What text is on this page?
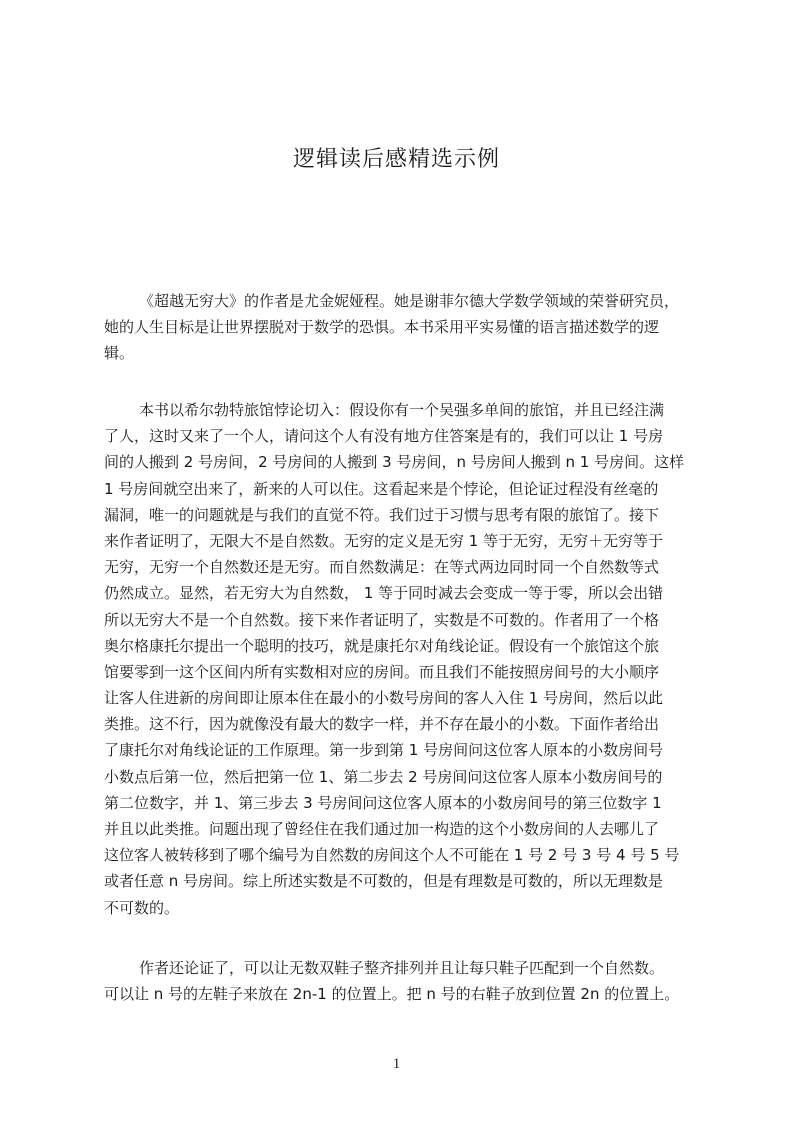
逻辑读后感精选示例
《超越无穷大》的作者是尤金妮娅程。她是谢菲尔德大学数学领域的荣誉研究员，
她的人生目标是让世界摆脱对于数学的恐惧。本书采用平实易懂的语言描述数学的逻
辑。
本书以希尔勃特旅馆悖论切入：假设你有一个吴强多单间的旅馆，并且已经注满
了人，这时又来了一个人，请问这个人有没有地方住答案是有的，我们可以让 1 号房
间的人搬到 2 号房间，2 号房间的人搬到 3 号房间，n 号房间人搬到 n 1 号房间。这样
1 号房间就空出来了，新来的人可以住。这看起来是个悖论，但论证过程没有丝毫的
漏洞，唯一的问题就是与我们的直觉不符。我们过于习惯与思考有限的旅馆了。接下
来作者证明了，无限大不是自然数。无穷的定义是无穷 1 等于无穷，无穷＋无穷等于
无穷，无穷一个自然数还是无穷。而自然数满足：在等式两边同时同一个自然数等式
仍然成立。显然，若无穷大为自然数， 1 等于同时减去会变成一等于零，所以会出错
所以无穷大不是一个自然数。接下来作者证明了，实数是不可数的。作者用了一个格
奥尔格康托尔提出一个聪明的技巧，就是康托尔对角线论证。假设有一个旅馆这个旅
馆要零到一这个区间内所有实数相对应的房间。而且我们不能按照房间号的大小顺序
让客人住进新的房间即让原本住在最小的小数号房间的客人入住 1 号房间，然后以此
类推。这不行，因为就像没有最大的数字一样，并不存在最小的小数。下面作者给出
了康托尔对角线论证的工作原理。第一步到第 1 号房间问这位客人原本的小数房间号
小数点后第一位，然后把第一位 1、第二步去 2 号房间问这位客人原本小数房间号的
第二位数字，并 1、第三步去 3 号房间问这位客人原本的小数房间号的第三位数字 1
并且以此类推。问题出现了曾经住在我们通过加一构造的这个小数房间的人去哪儿了
这位客人被转移到了哪个编号为自然数的房间这个人不可能在 1 号 2 号 3 号 4 号 5 号
或者任意 n 号房间。综上所述实数是不可数的，但是有理数是可数的，所以无理数是
不可数的。
作者还论证了，可以让无数双鞋子整齐排列并且让每只鞋子匹配到一个自然数。
可以让 n 号的左鞋子来放在 2n-1 的位置上。把 n 号的右鞋子放到位置 2n 的位置上。
1
